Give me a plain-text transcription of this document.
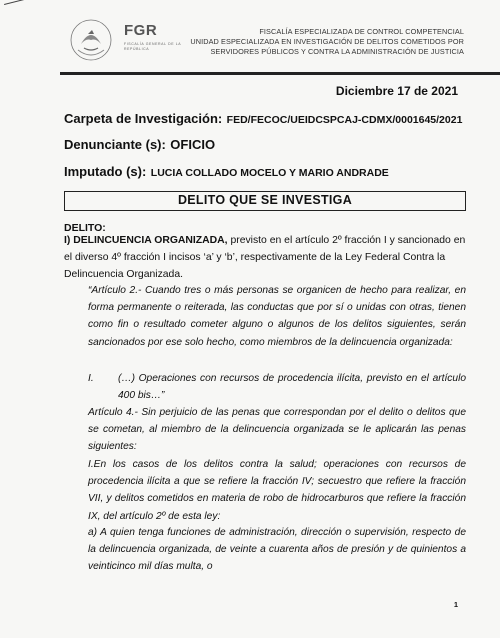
FGR
FISCALÍA GENERAL DE LA REPÚBLICA
FISCALÍA ESPECIALIZADA DE CONTROL COMPETENCIAL
UNIDAD ESPECIALIZADA EN INVESTIGACIÓN DE DELITOS COMETIDOS POR
SERVIDORES PÚBLICOS Y CONTRA LA ADMINISTRACIÓN DE JUSTICIA
Diciembre 17 de 2021
Carpeta de Investigación: FED/FECOC/UEIDCSPCAJ-CDMX/0001645/2021
Denunciante (s): OFICIO
Imputado (s): LUCIA COLLADO MOCELO Y MARIO ANDRADE
DELITO QUE SE INVESTIGA
DELITO:
I) DELINCUENCIA ORGANIZADA, previsto en el artículo 2º fracción I y sancionado en
el diverso 4º fracción I incisos ‘a’ y ‘b’, respectivamente de la Ley Federal Contra la
Delincuencia Organizada.
“Artículo 2.- Cuando tres o más personas se organicen de hecho para realizar, en forma permanente o reiterada, las conductas que por sí o unidas con otras, tienen como fin o resultado cometer alguno o algunos de los delitos siguientes, serán sancionados por ese solo hecho, como miembros de la delincuencia organizada:
I. (…) Operaciones con recursos de procedencia ilícita, previsto en el artículo 400 bis…”
Artículo 4.- Sin perjuicio de las penas que correspondan por el delito o delitos que se cometan, al miembro de la delincuencia organizada se le aplicarán las penas siguientes:
I.En los casos de los delitos contra la salud; operaciones con recursos de procedencia ilícita a que se refiere la fracción IV; secuestro que refiere la fracción VII, y delitos cometidos en materia de robo de hidrocarburos que refiere la fracción IX, del artículo 2º de esta ley:
a) A quien tenga funciones de administración, dirección o supervisión, respecto de la delincuencia organizada, de veinte a cuarenta años de presión y de quinientos a veinticinco mil días multa, o
1
